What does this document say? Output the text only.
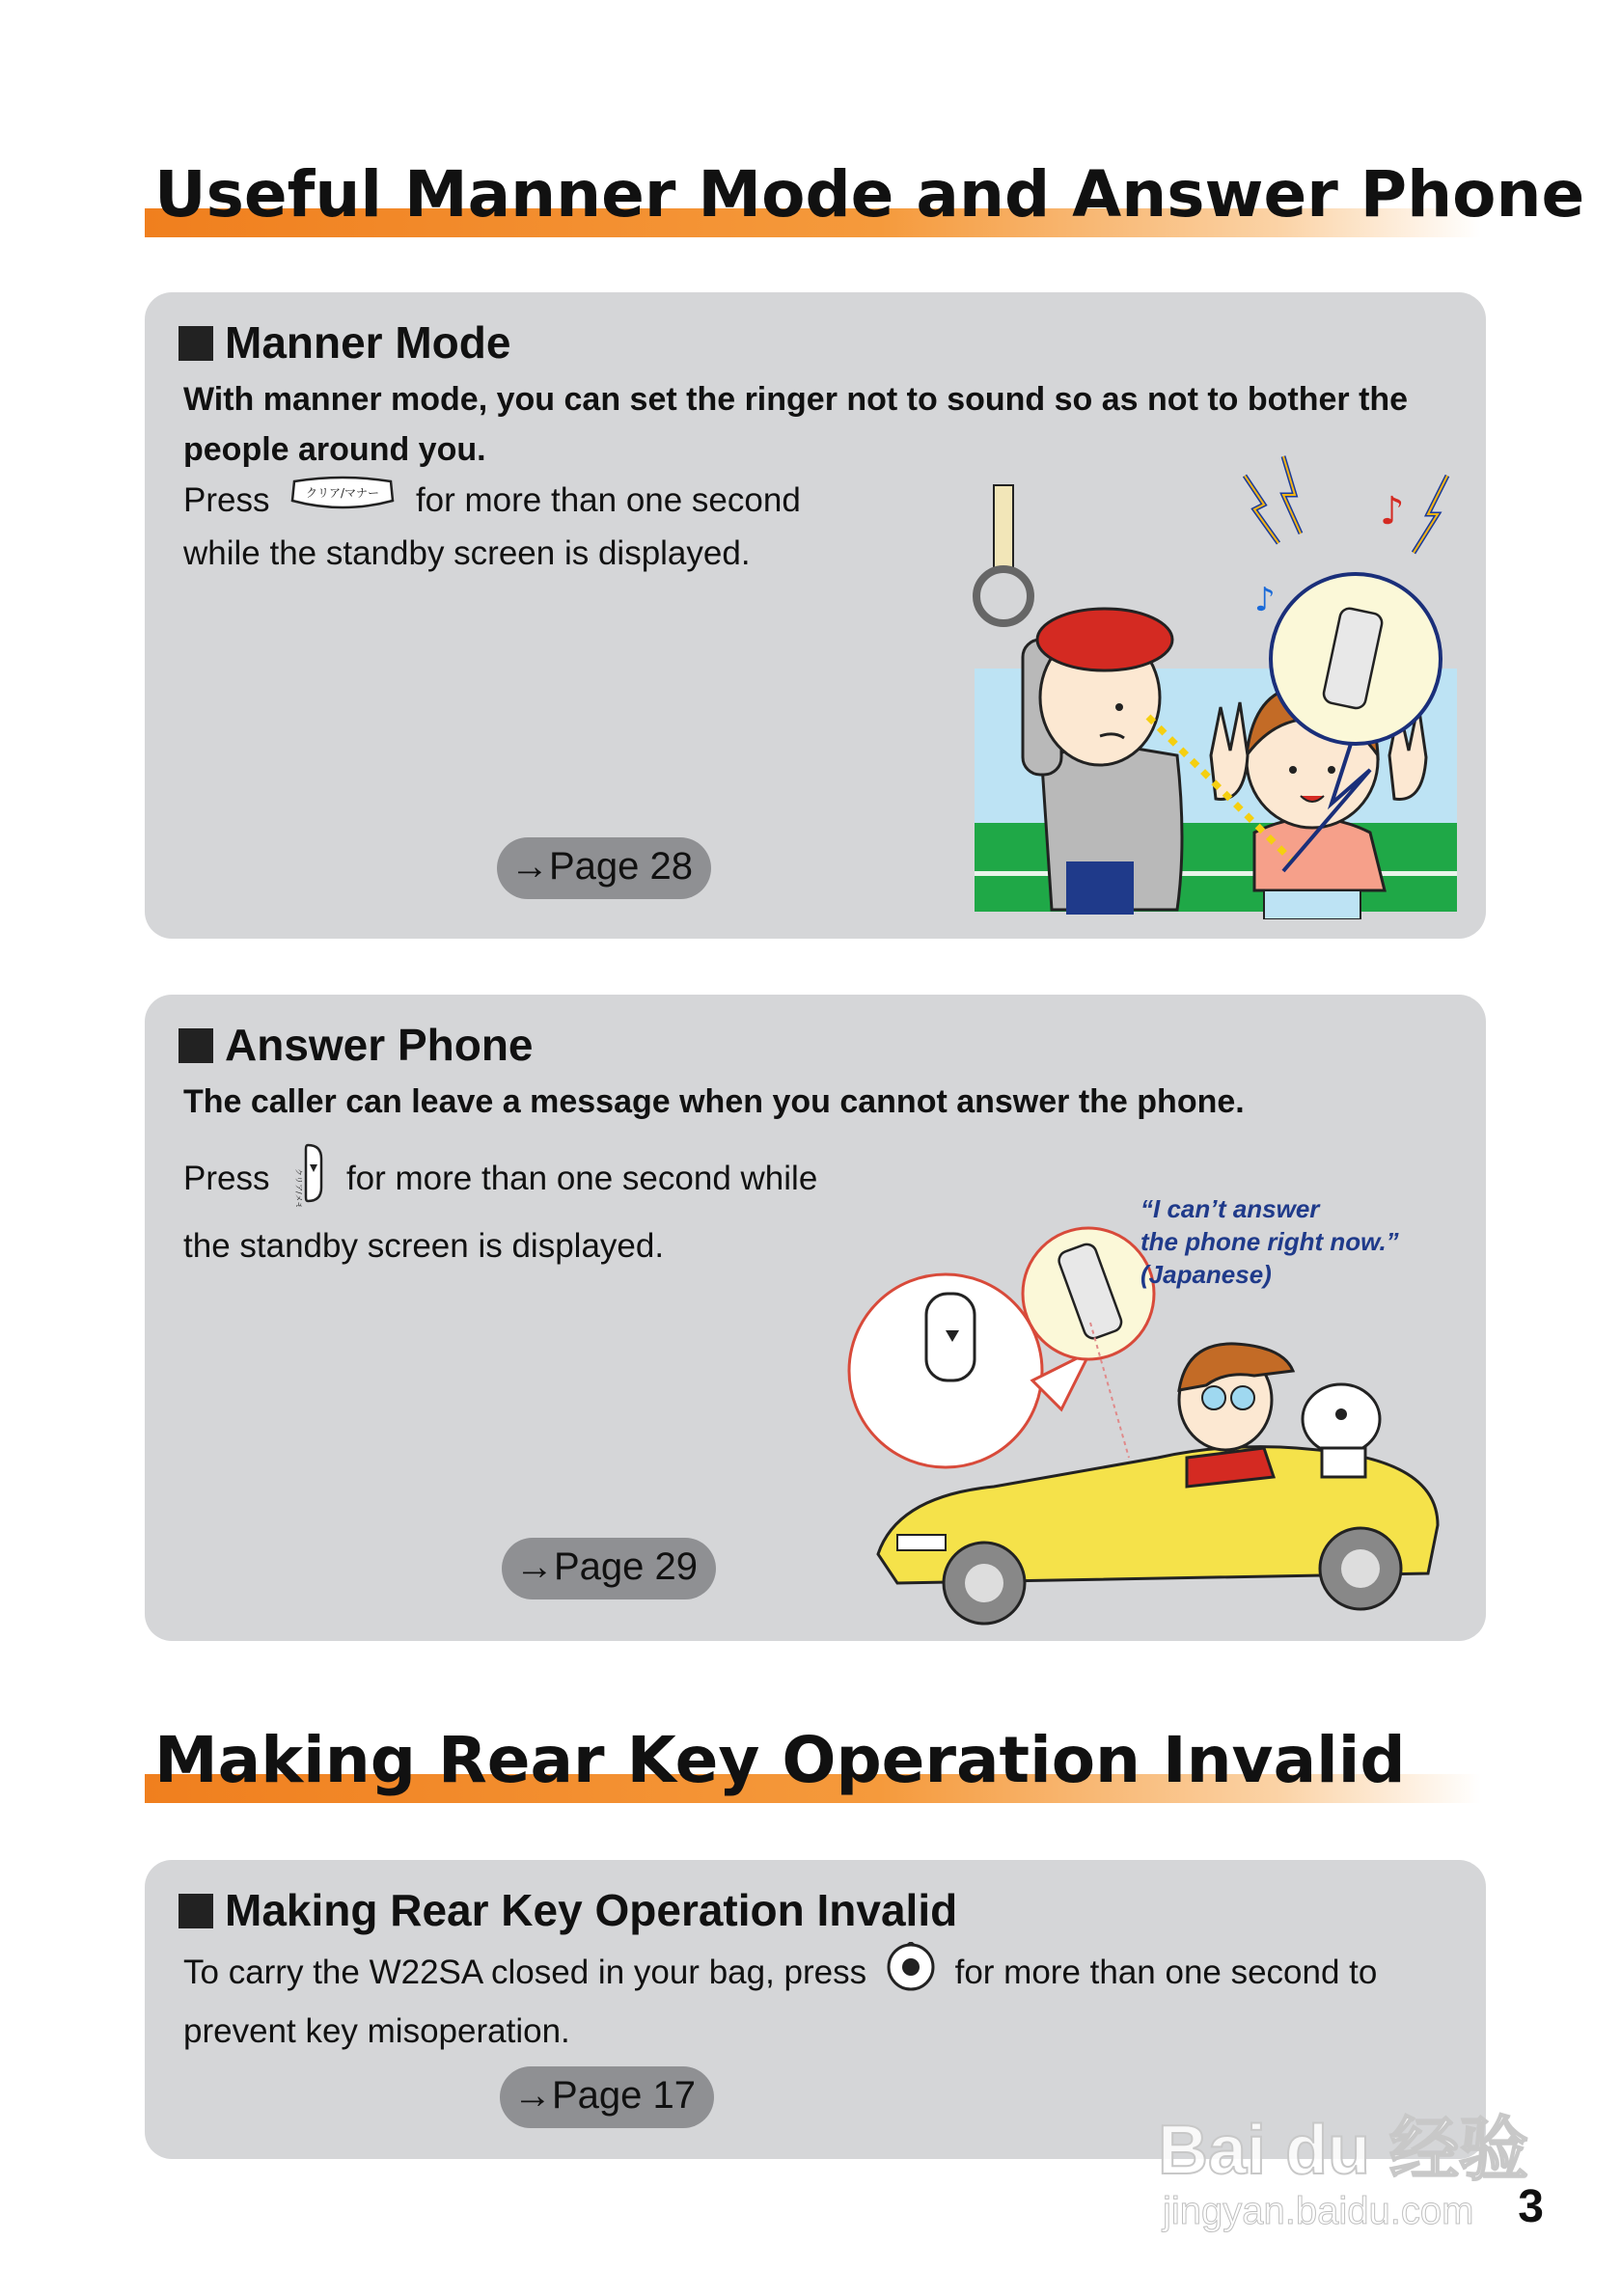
Useful Manner Mode and Answer Phone
Manner Mode
With manner mode, you can set the ringer not to sound so as not to bother the people around you.
Press	クリア/マナー for more than one second
while the standby screen is displayed.
→Page 28
♪
♪
Answer Phone
The caller can leave a message when you cannot answer the phone.
Press	クリア/メモ for more than one second while
the standby screen is displayed.
→Page 29
“I can’t answer
the phone right now.”
(Japanese)
Making Rear Key Operation Invalid
Making Rear Key Operation Invalid
To carry the W22SA closed in your bag, press	for more than one second to
prevent key misoperation.
→Page 17
Bai du 经验
jingyan.baidu.com 3
